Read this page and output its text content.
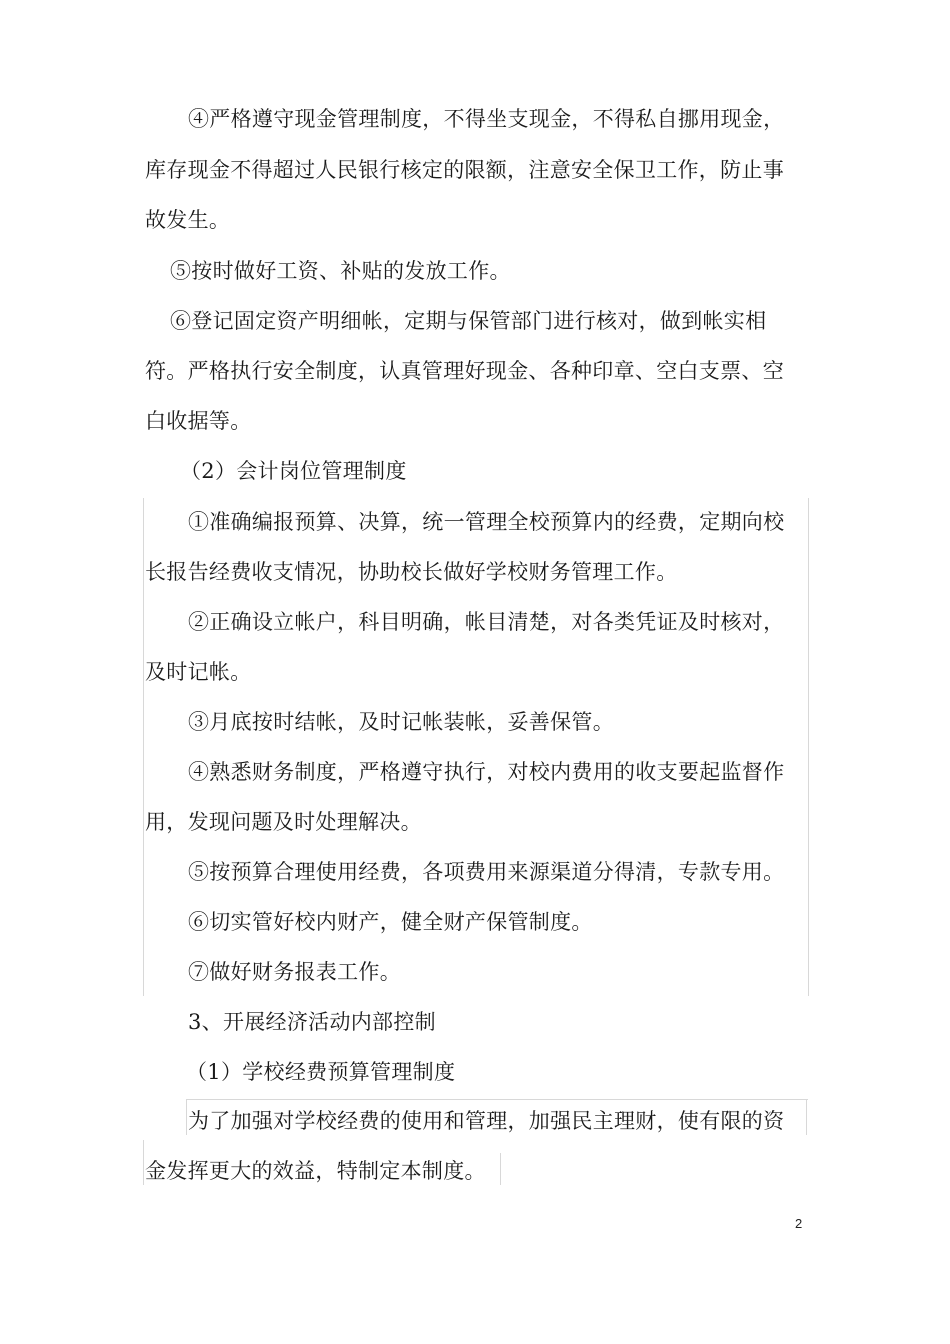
④严格遵守现金管理制度，不得坐支现金，不得私自挪用现金，
库存现金不得超过人民银行核定的限额，注意安全保卫工作，防止事
故发生。
⑤按时做好工资、补贴的发放工作。
⑥登记固定资产明细帐，定期与保管部门进行核对，做到帐实相
符。严格执行安全制度，认真管理好现金、各种印章、空白支票、空
白收据等。
（2）会计岗位管理制度
①准确编报预算、决算，统一管理全校预算内的经费，定期向校
长报告经费收支情况，协助校长做好学校财务管理工作。
②正确设立帐户，科目明确，帐目清楚，对各类凭证及时核对，
及时记帐。
③月底按时结帐，及时记帐装帐，妥善保管。
④熟悉财务制度，严格遵守执行，对校内费用的收支要起监督作
用，发现问题及时处理解决。
⑤按预算合理使用经费，各项费用来源渠道分得清，专款专用。
⑥切实管好校内财产，健全财产保管制度。
⑦做好财务报表工作。
3、开展经济活动内部控制
（1）学校经费预算管理制度
为了加强对学校经费的使用和管理，加强民主理财，使有限的资
金发挥更大的效益，特制定本制度。
2
